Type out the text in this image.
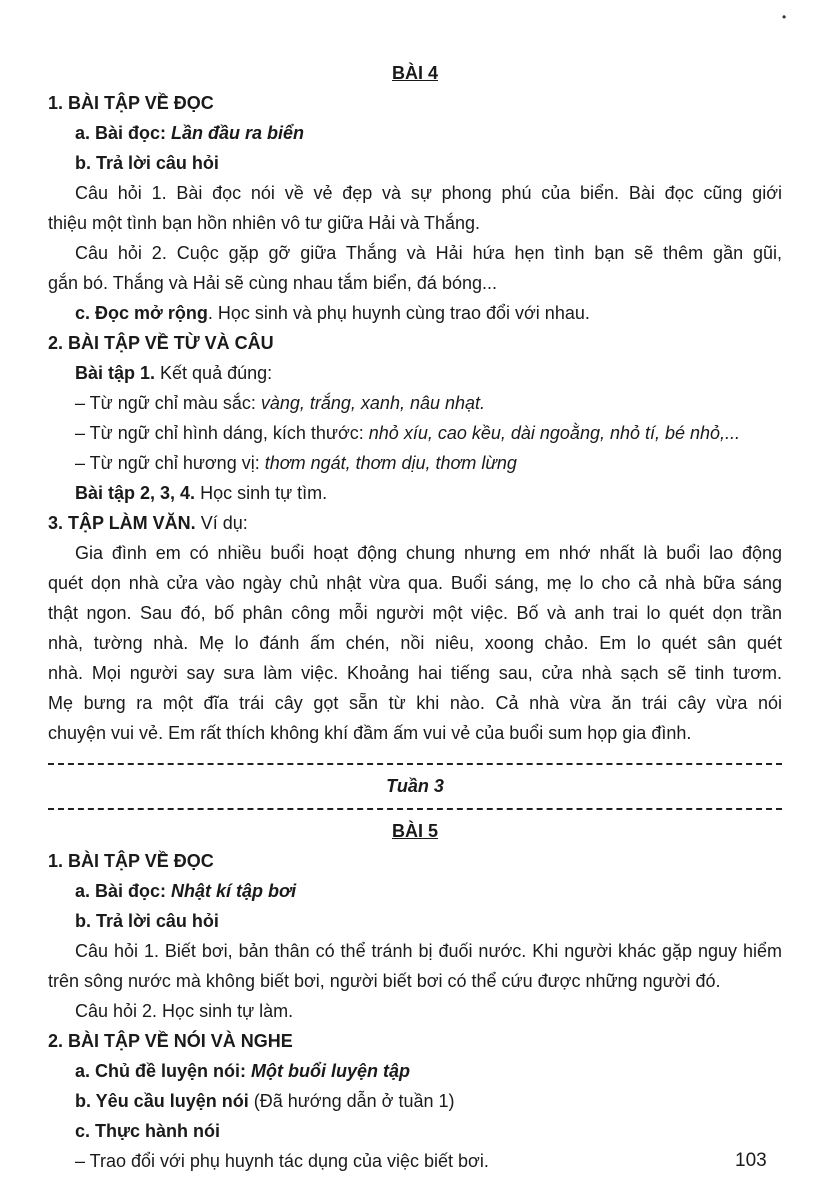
•
BÀI 4
1. BÀI TẬP VỀ ĐỌC
a. Bài đọc: Lần đầu ra biển
b. Trả lời câu hỏi
Câu hỏi 1. Bài đọc nói về vẻ đẹp và sự phong phú của biển. Bài đọc cũng giới
thiệu một tình bạn hồn nhiên vô tư giữa Hải và Thắng.
Câu hỏi 2. Cuộc gặp gỡ giữa Thắng và Hải hứa hẹn tình bạn sẽ thêm gần gũi,
gắn bó. Thắng và Hải sẽ cùng nhau tắm biển, đá bóng...
c. Đọc mở rộng. Học sinh và phụ huynh cùng trao đổi với nhau.
2. BÀI TẬP VỀ TỪ VÀ CÂU
Bài tập 1. Kết quả đúng:
– Từ ngữ chỉ màu sắc: vàng, trắng, xanh, nâu nhạt.
– Từ ngữ chỉ hình dáng, kích thước: nhỏ xíu, cao kều, dài ngoằng, nhỏ tí, bé nhỏ,...
– Từ ngữ chỉ hương vị: thơm ngát, thơm dịu, thơm lừng
Bài tập 2, 3, 4. Học sinh tự tìm.
3. TẬP LÀM VĂN. Ví dụ:
Gia đình em có nhiều buổi hoạt động chung nhưng em nhớ nhất là buổi lao động
quét dọn nhà cửa vào ngày chủ nhật vừa qua. Buổi sáng, mẹ lo cho cả nhà bữa sáng
thật ngon. Sau đó, bố phân công mỗi người một việc. Bố và anh trai lo quét dọn trần
nhà, tường nhà. Mẹ lo đánh ấm chén, nồi niêu, xoong chảo. Em lo quét sân quét
nhà. Mọi người say sưa làm việc. Khoảng hai tiếng sau, cửa nhà sạch sẽ tinh tươm.
Mẹ bưng ra một đĩa trái cây gọt sẵn từ khi nào. Cả nhà vừa ăn trái cây vừa nói
chuyện vui vẻ. Em rất thích không khí đầm ấm vui vẻ của buổi sum họp gia đình.
Tuần 3
BÀI 5
1. BÀI TẬP VỀ ĐỌC
a. Bài đọc: Nhật kí tập bơi
b. Trả lời câu hỏi
Câu hỏi 1. Biết bơi, bản thân có thể tránh bị đuối nước. Khi người khác gặp nguy hiểm
trên sông nước mà không biết bơi, người biết bơi có thể cứu được những người đó.
Câu hỏi 2. Học sinh tự làm.
2. BÀI TẬP VỀ NÓI VÀ NGHE
a. Chủ đề luyện nói: Một buổi luyện tập
b. Yêu cầu luyện nói (Đã hướng dẫn ở tuần 1)
c. Thực hành nói
– Trao đổi với phụ huynh tác dụng của việc biết bơi.	103
